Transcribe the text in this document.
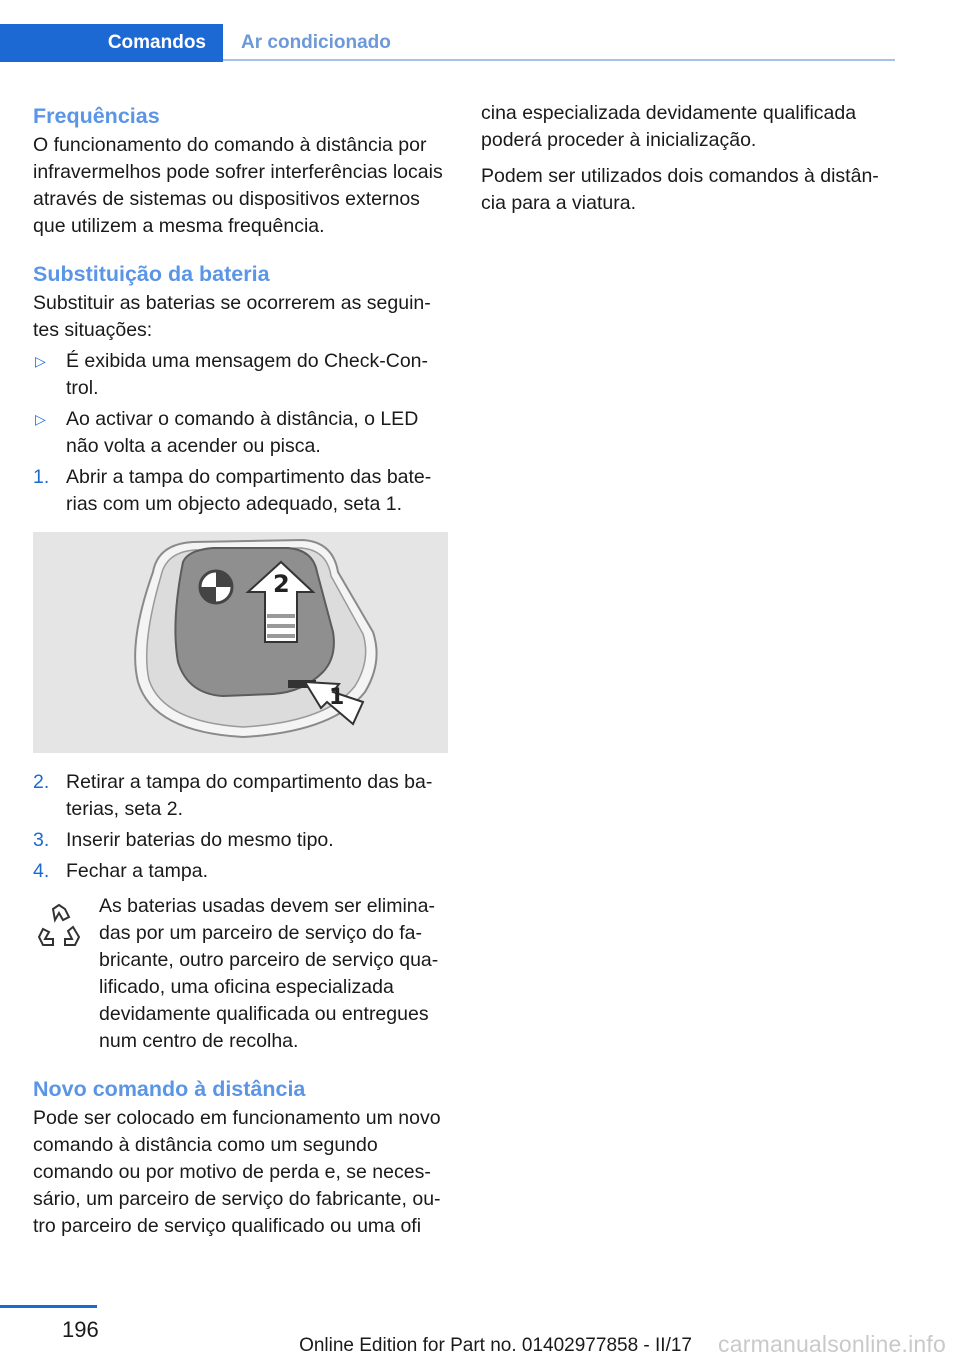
Comandos	Ar condicionado
Frequências

O funcionamento do comando à distância por infravermelhos pode sofrer interferências locais através de sistemas ou dispositivos externos que utilizem a mesma frequência.

Substituição da bateria

Substituir as baterias se ocorrerem as seguintes situações:

▷	É exibida uma mensagem do Check-Control.
▷	Ao activar o comando à distância, o LED não volta a acender ou pisca.
1. Abrir a tampa do compartimento das baterias com um objecto adequado, seta 1.
2
1
2. Retirar a tampa do compartimento das baterias, seta 2.
3. Inserir baterias do mesmo tipo.
4. Fechar a tampa.

As baterias usadas devem ser eliminadas por um parceiro de serviço do fabricante, outro parceiro de serviço qualificado, uma oficina especializada devidamente qualificada ou entregues num centro de recolha.

Novo comando à distância

Pode ser colocado em funcionamento um novo comando à distância como um segundo comando ou por motivo de perda e, se necessário, um parceiro de serviço do fabricante, outro parceiro de serviço qualificado ou uma ofi

cina especializada devidamente qualificada poderá proceder à inicialização.

Podem ser utilizados dois comandos à distância para a viatura.

196
Online Edition for Part no. 01402977858 - II/17 carmanualsonline.info
